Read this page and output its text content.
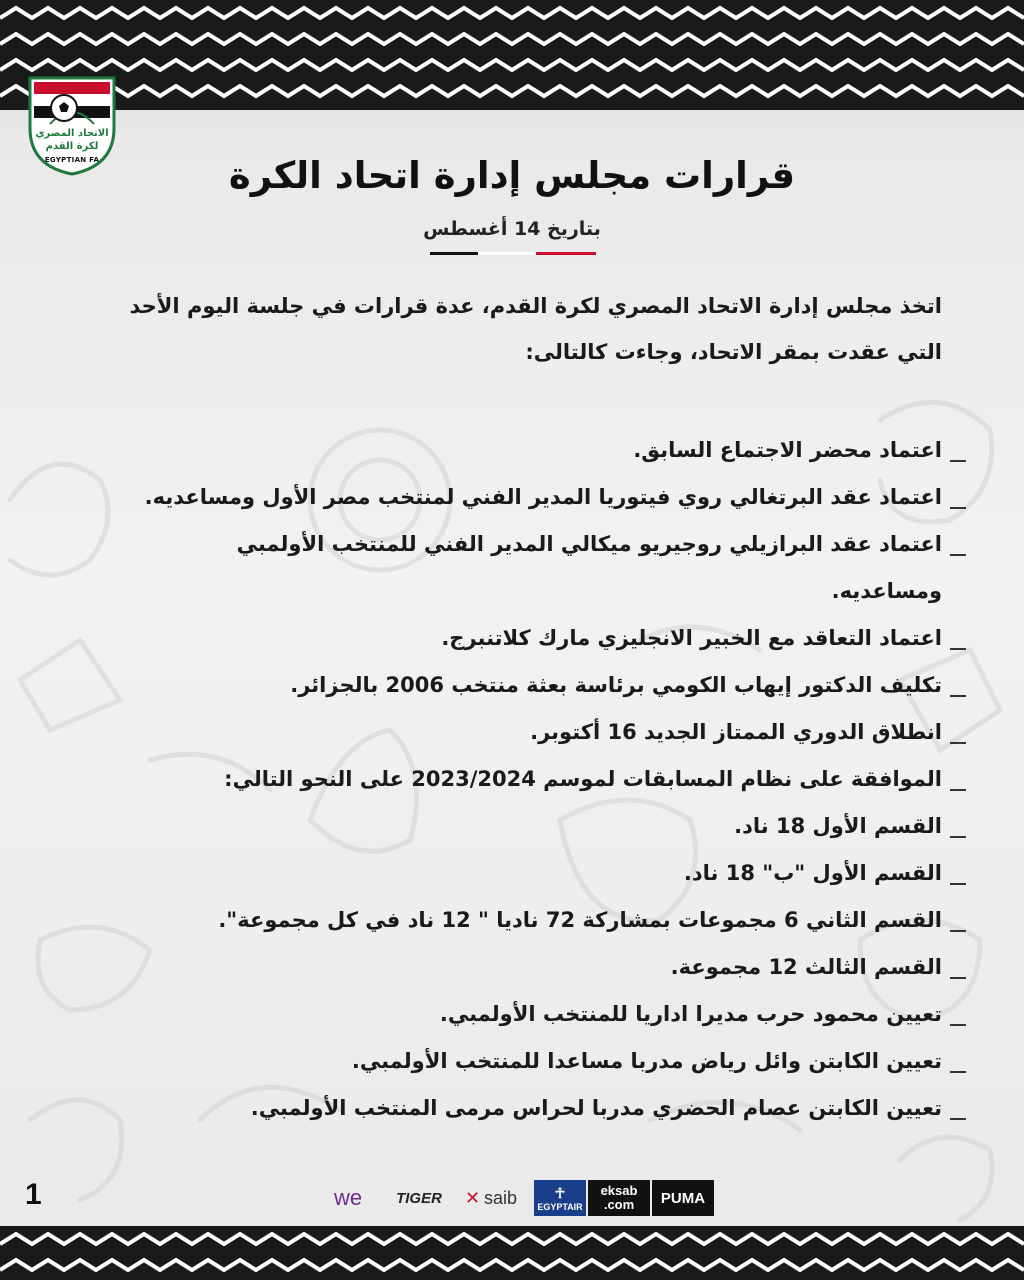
الاتحاد المصري
لكرة القدم
EGYPTIAN FA	قرارات مجلس إدارة اتحاد الكرة
بتاريخ 14 أغسطس
اتخذ مجلس إدارة الاتحاد المصري لكرة القدم، عدة قرارات في جلسة اليوم الأحد
التي عقدت بمقر الاتحاد، وجاءت كالتالى:
اعتماد محضر الاجتماع السابق.
اعتماد عقد البرتغالي روي فيتوريا المدير الفني لمنتخب مصر الأول ومساعديه.
اعتماد عقد البرازيلي روجيريو ميكالي المدير الفني للمنتخب الأولمبي
ومساعديه.
اعتماد التعاقد مع الخبير الانجليزي مارك كلاتنبرج.
تكليف الدكتور إيهاب الكومي برئاسة بعثة منتخب 2006 بالجزائر.
انطلاق الدوري الممتاز الجديد 16 أكتوبر.
الموافقة على نظام المسابقات لموسم 2023/2024 على النحو التالي:
القسم الأول 18 ناد.
القسم الأول "ب" 18 ناد.
القسم الثاني 6 مجموعات بمشاركة 72 ناديا " 12 ناد في كل مجموعة".
القسم الثالث 12 مجموعة.
تعيين محمود حرب مديرا اداريا للمنتخب الأولمبي.
تعيين الكابتن وائل رياض مدربا مساعدا للمنتخب الأولمبي.
تعيين الكابتن عصام الحضري مدربا لحراس مرمى المنتخب الأولمبي.
1	we TIGER ✕ saib	☥
EGYPTAIR
eksab
.com PUMA
